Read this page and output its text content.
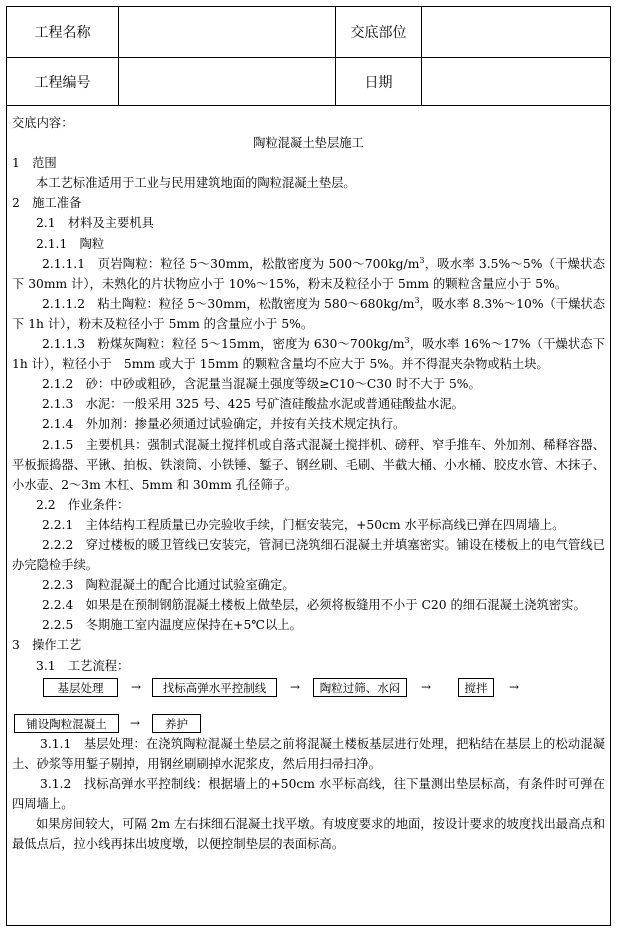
工程名称	交底部位
工程编号	日期

交底内容：

陶粒混凝土垫层施工

1　范围

本工艺标准适用于工业与民用建筑地面的陶粒混凝土垫层。

2　施工准备

2.1　材料及主要机具

2.1.1　陶粒

2.1.1.1　页岩陶粒：粒径 5～30mm，松散密度为 $500\sim 700kg/m^3$，吸水率 3.5%～5%（干燥状态下 30mm 计），未熟化的片状物应小于 10%～15%，粉末及粒径小于 5mm 的颗粒含量应小于 5%。

2.1.1.2　粘土陶粒：粒径 5～30mm，松散密度为 $580\sim 680kg/m^3$，吸水率 8.3%～10%（干燥状态下 1h 计），粉末及粒径小于 5mm 的含量应小于 5%。

2.1.1.3　粉煤灰陶粒：粒径 5～15mm，密度为 $630\sim 700kg/m^3$，吸水率 16%～17%（干燥状态下 1h 计），粒径小于　5mm 或大于 15mm 的颗粒含量均不应大于 5%。并不得混夹杂物或粘土块。

2.1.2　砂：中砂或粗砂，含泥量当混凝土强度等级≥C10～C30 时不大于 5%。

2.1.3　水泥：一般采用 325 号、425 号矿渣硅酸盐水泥或普通硅酸盐水泥。

2.1.4　外加剂：掺量必须通过试验确定，并按有关技术规定执行。

2.1.5　主要机具：强制式混凝土搅拌机或自落式混凝土搅拌机、磅秤、窄手推车、外加剂、稀释容器、平板振捣器、平锹、拍板、铁滚筒、小铁锤、錾子、钢丝刷、毛刷、半截大桶、小水桶、胶皮水管、木抹子、小水壶、2～3m 木杠、5mm 和 30mm 孔径筛子。

2.2　作业条件：

2.2.1　主体结构工程质量已办完验收手续，门框安装完，+50cm 水平标高线已弹在四周墙上。

2.2.2　穿过楼板的暖卫管线已安装完，管洞已浇筑细石混凝土并填塞密实。铺设在楼板上的电气管线已办完隐检手续。

2.2.3　陶粒混凝土的配合比通过试验室确定。

2.2.4　如果是在预制钢筋混凝土楼板上做垫层，必须将板缝用不小于 C20 的细石混凝土浇筑密实。

2.2.5　冬期施工室内温度应保持在+5℃以上。

3　操作工艺

3.1　工艺流程：

基层处理	→	找标高弹水平控制线	→	陶粒过筛、水闷	→	搅拌	→
铺设陶粒混凝土	→	养护

3.1.1　基层处理：在浇筑陶粒混凝土垫层之前将混凝土楼板基层进行处理，把粘结在基层上的松动混凝土、砂浆等用錾子剔掉，用钢丝刷刷掉水泥浆皮，然后用扫帚扫净。

3.1.2　找标高弹水平控制线：根据墙上的+50cm 水平标高线，往下量测出垫层标高，有条件时可弹在四周墙上。

如果房间较大，可隔 2m 左右抹细石混凝土找平墩。有坡度要求的地面，按设计要求的坡度找出最高点和最低点后，拉小线再抹出坡度墩，以便控制垫层的表面标高。
